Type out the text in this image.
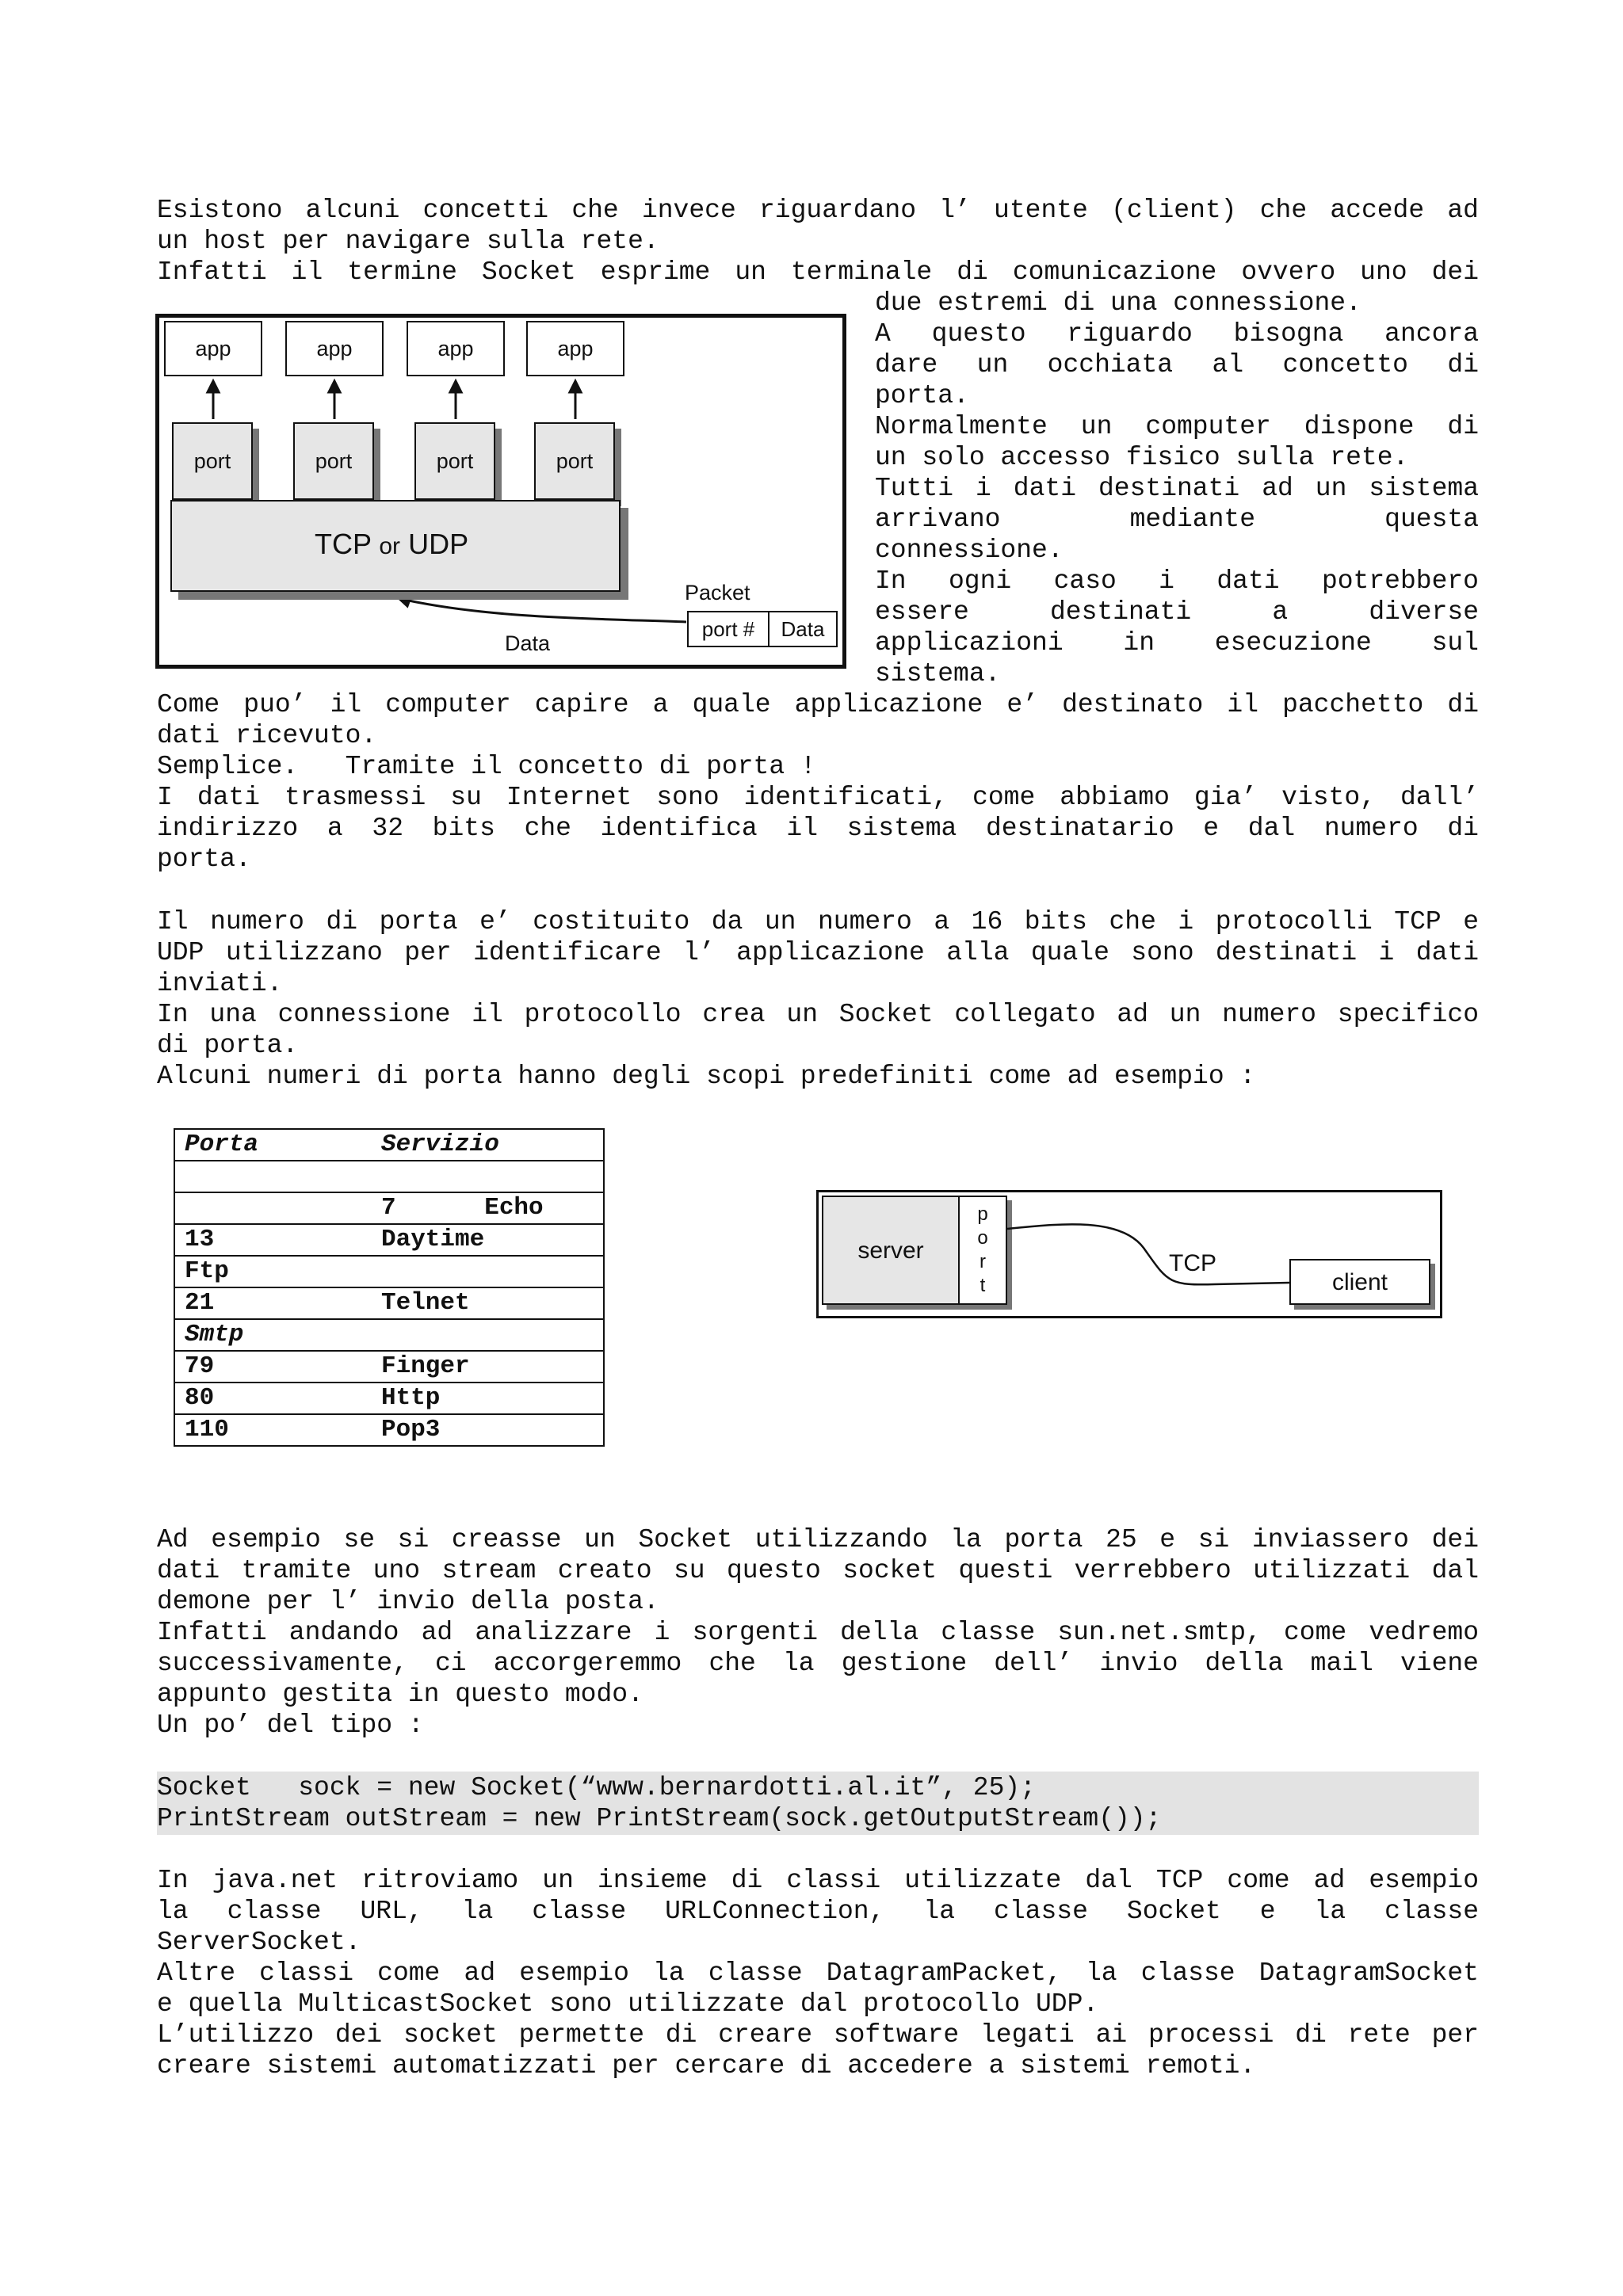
Esistono alcuni concetti che invece riguardano l’ utente (client) che accede ad
un host per navigare sulla rete.
Infatti il termine Socket esprime un terminale di comunicazione ovvero uno dei
due estremi di una connessione.
A questo riguardo bisogna ancora
dare un occhiata al concetto di
porta.
Normalmente un computer dispone di
un solo accesso fisico sulla rete.
Tutti i dati destinati ad un sistema
arrivano mediante questa
connessione.
In ogni caso i dati potrebbero
essere destinati a diverse
applicazioni in esecuzione sul
sistema.
app	app	app	app
port	port	port	port
TCP or UDP
Packet
port # Data
Data
Come puo’ il computer capire a quale applicazione e’ destinato il pacchetto di
dati ricevuto.
Semplice.   Tramite il concetto di porta !
I dati trasmessi su Internet sono identificati, come abbiamo gia’ visto, dall’
indirizzo a 32 bits che identifica il sistema destinatario e dal numero di
porta.
Il numero di porta e’ costituito da un numero a 16 bits che i protocolli TCP e
UDP utilizzano per identificare l’ applicazione alla quale sono destinati i dati
inviati.
In una connessione il protocollo crea un Socket collegato ad un numero specifico
di porta.
Alcuni numeri di porta hanno degli scopi predefiniti come ad esempio :
Porta	Servizio

	7      Echo
13	Daytime
Ftp	
21	Telnet
Smtp	
79	Finger
80	Http
110	Pop3
server
p
o
r
t
TCP
client
Ad esempio se si creasse un Socket utilizzando la porta 25 e si inviassero dei
dati tramite uno stream creato su questo socket questi verrebbero utilizzati dal
demone per l’ invio della posta.
Infatti andando ad analizzare i sorgenti della classe sun.net.smtp, come vedremo
successivamente, ci accorgeremmo che la gestione dell’ invio della mail viene
appunto gestita in questo modo.
Un po’ del tipo :
Socket   sock = new Socket(“www.bernardotti.al.it”, 25);
PrintStream outStream = new PrintStream(sock.getOutputStream());
In java.net ritroviamo un insieme di classi utilizzate dal TCP come ad esempio
la classe URL, la classe URLConnection, la classe Socket e la classe
ServerSocket.
Altre classi come ad esempio la classe DatagramPacket, la classe DatagramSocket
e quella MulticastSocket sono utilizzate dal protocollo UDP.
L’utilizzo dei socket permette di creare software legati ai processi di rete per
creare sistemi automatizzati per cercare di accedere a sistemi remoti.
